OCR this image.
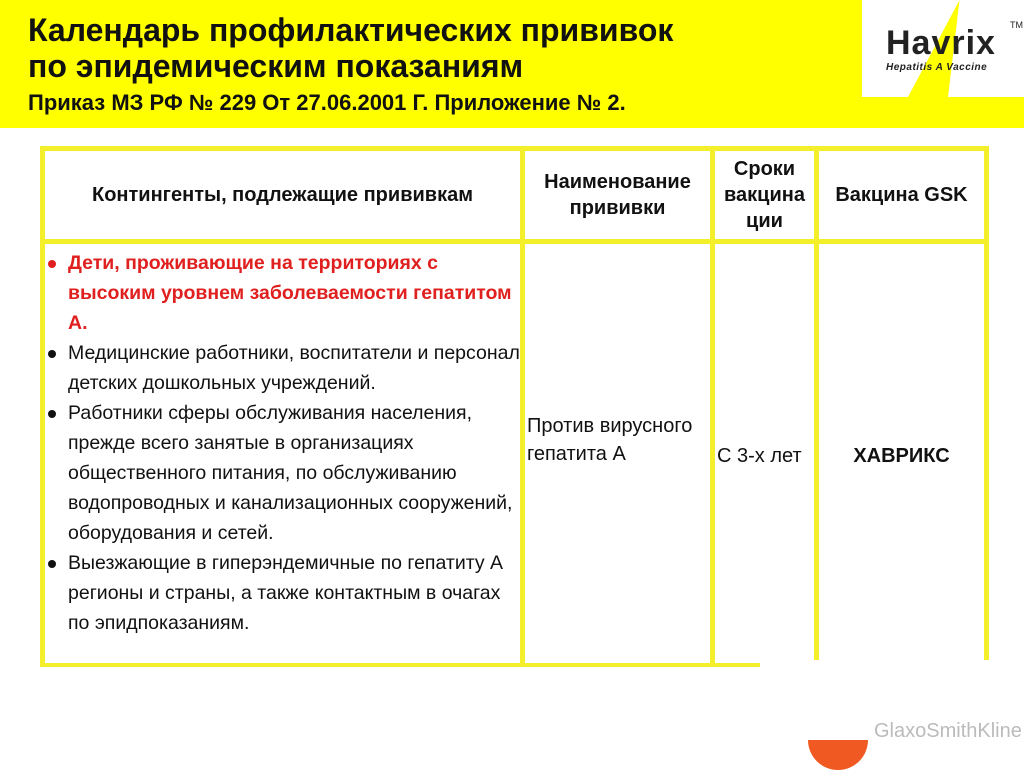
Календарь профилактических прививок
по эпидемическим показаниям
Приказ МЗ РФ № 229 От 27.06.2001 Г. Приложение № 2.
Havrix TM
Hepatitis A Vaccine
Контингенты, подлежащие прививкам
Наименование прививки
Сроки
вакцина
ции
Вакцина GSK
Дети, проживающие на территориях с высоким уровнем заболеваемости гепатитом А.
Медицинские работники, воспитатели и персонал детских дошкольных учреждений.
Работники сферы обслуживания населения, прежде всего занятые в организациях общественного питания, по обслуживанию водопроводных и канализационных сооружений, оборудования и сетей.
Выезжающие в гиперэндемичные по гепатиту А регионы и страны, а также контактным в очагах по эпидпоказаниям.
Против вирусного гепатита А	С 3-х лет	ХАВРИКС
GlaxoSmithKline
